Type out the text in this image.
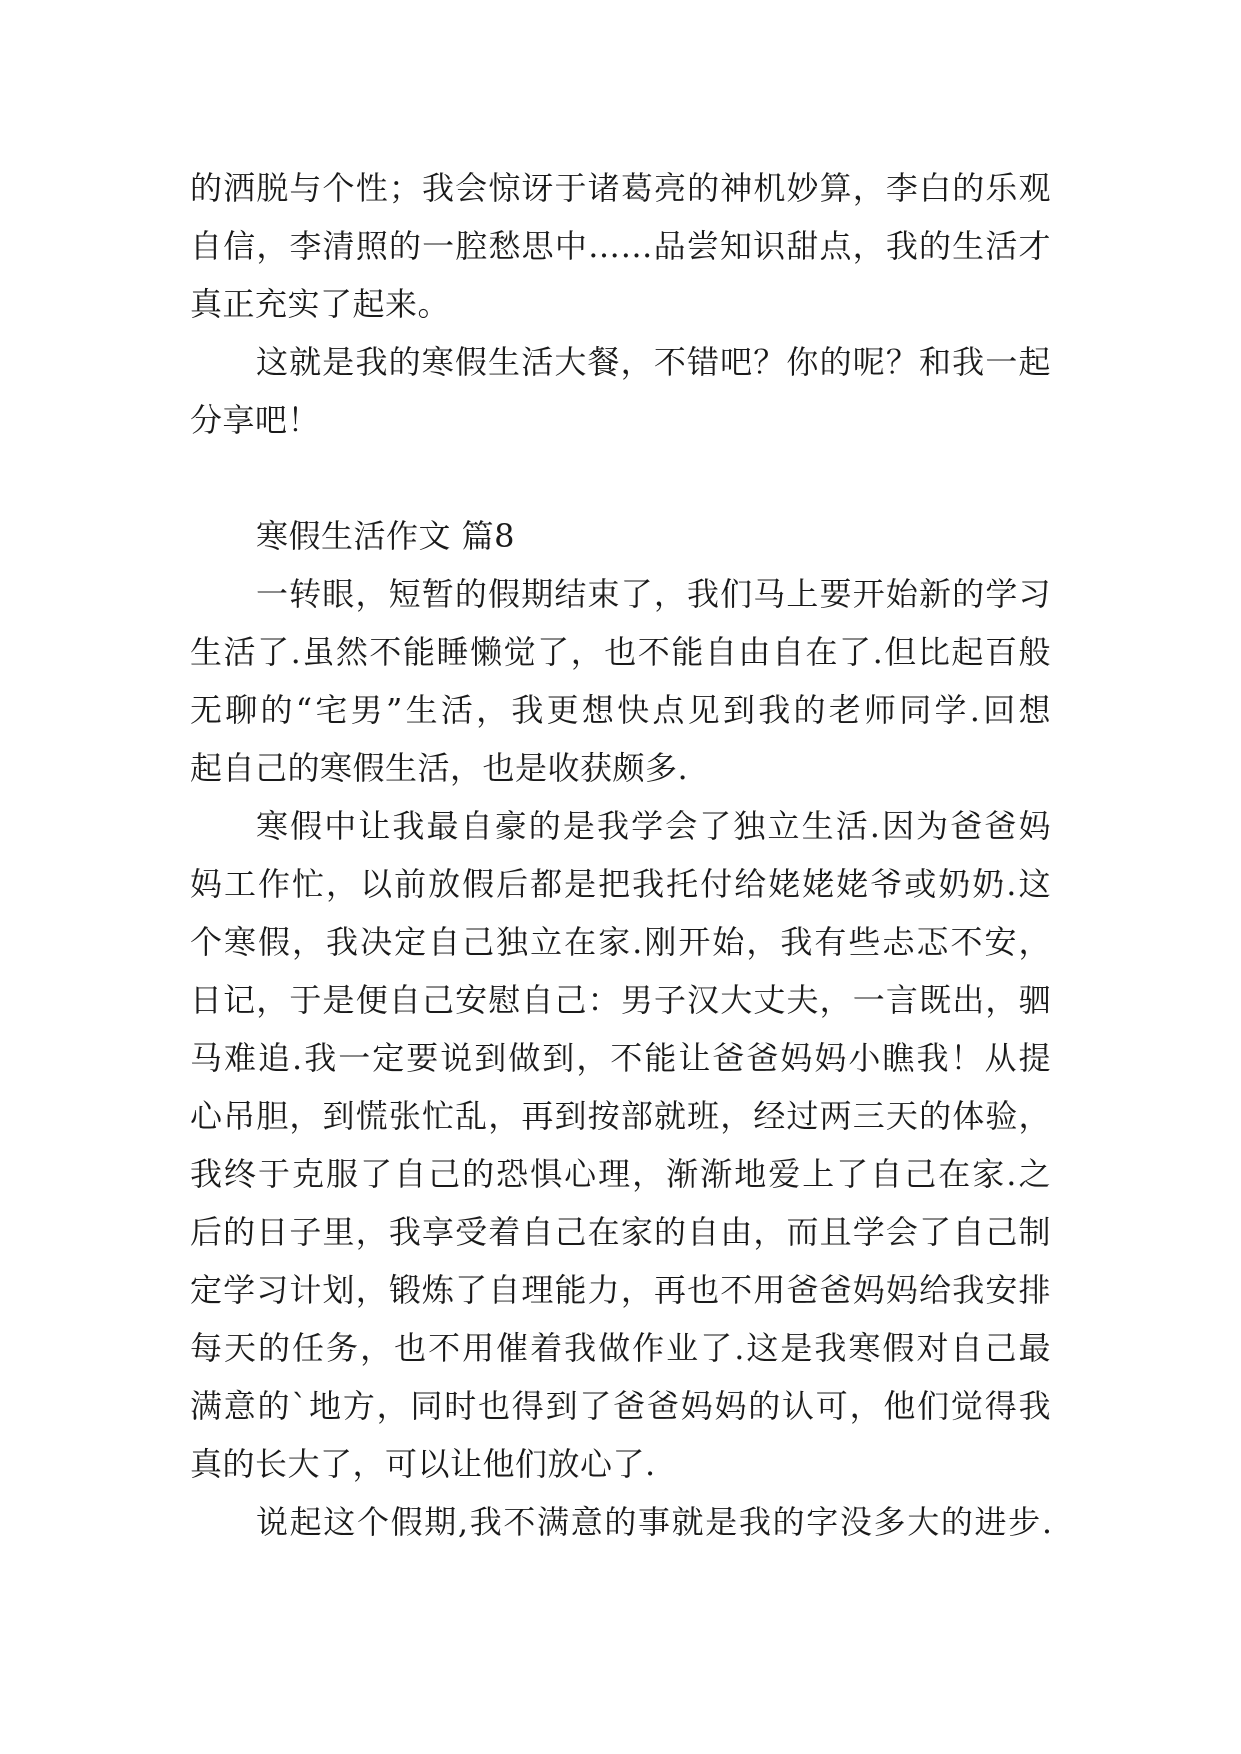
的洒脱与个性；我会惊讶于诸葛亮的神机妙算，李白的乐观
自信，李清照的一腔愁思中……品尝知识甜点，我的生活才
真正充实了起来。
这就是我的寒假生活大餐，不错吧？你的呢？和我一起
分享吧！
寒假生活作文 篇8
一转眼，短暂的假期结束了，我们马上要开始新的学习
生活了.虽然不能睡懒觉了，也不能自由自在了.但比起百般
无聊的“宅男”生活，我更想快点见到我的老师同学.回想
起自己的寒假生活，也是收获颇多.
寒假中让我最自豪的是我学会了独立生活.因为爸爸妈
妈工作忙，以前放假后都是把我托付给姥姥姥爷或奶奶.这
个寒假，我决定自己独立在家.刚开始，我有些忐忑不安，
日记，于是便自己安慰自己：男子汉大丈夫，一言既出，驷
马难追.我一定要说到做到，不能让爸爸妈妈小瞧我！从提
心吊胆，到慌张忙乱，再到按部就班，经过两三天的体验，
我终于克服了自己的恐惧心理，渐渐地爱上了自己在家.之
后的日子里，我享受着自己在家的自由，而且学会了自己制
定学习计划，锻炼了自理能力，再也不用爸爸妈妈给我安排
每天的任务，也不用催着我做作业了.这是我寒假对自己最
满意的`地方，同时也得到了爸爸妈妈的认可，他们觉得我
真的长大了，可以让他们放心了.
说起这个假期,我不满意的事就是我的字没多大的进步.
